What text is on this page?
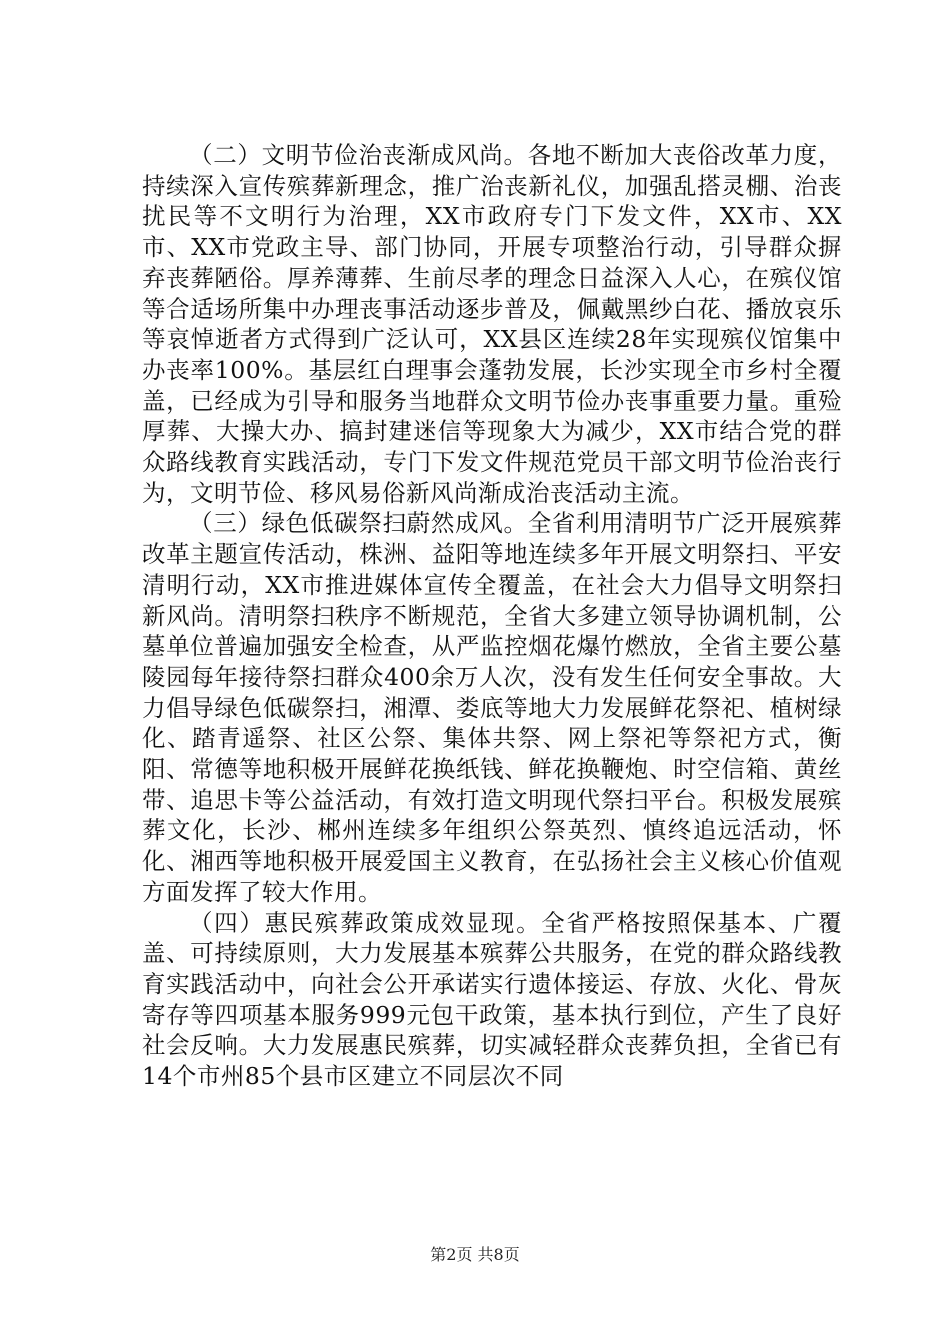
（二）文明节俭治丧渐成风尚。各地不断加大丧俗改革力度，持续深入宣传殡葬新理念，推广治丧新礼仪，加强乱搭灵棚、治丧扰民等不文明行为治理，XX市政府专门下发文件，XX市、XX市、XX市党政主导、部门协同，开展专项整治行动，引导群众摒弃丧葬陋俗。厚养薄葬、生前尽孝的理念日益深入人心，在殡仪馆等合适场所集中办理丧事活动逐步普及，佩戴黑纱白花、播放哀乐等哀悼逝者方式得到广泛认可，XX县区连续28年实现殡仪馆集中办丧率100%。基层红白理事会蓬勃发展，长沙实现全市乡村全覆盖，已经成为引导和服务当地群众文明节俭办丧事重要力量。重殓厚葬、大操大办、搞封建迷信等现象大为减少，XX市结合党的群众路线教育实践活动，专门下发文件规范党员干部文明节俭治丧行为，文明节俭、移风易俗新风尚渐成治丧活动主流。

（三）绿色低碳祭扫蔚然成风。全省利用清明节广泛开展殡葬改革主题宣传活动，株洲、益阳等地连续多年开展文明祭扫、平安清明行动，XX市推进媒体宣传全覆盖，在社会大力倡导文明祭扫新风尚。清明祭扫秩序不断规范，全省大多建立领导协调机制，公墓单位普遍加强安全检查，从严监控烟花爆竹燃放，全省主要公墓陵园每年接待祭扫群众400余万人次，没有发生任何安全事故。大力倡导绿色低碳祭扫，湘潭、娄底等地大力发展鲜花祭祀、植树绿化、踏青遥祭、社区公祭、集体共祭、网上祭祀等祭祀方式，衡阳、常德等地积极开展鲜花换纸钱、鲜花换鞭炮、时空信箱、黄丝带、追思卡等公益活动，有效打造文明现代祭扫平台。积极发展殡葬文化，长沙、郴州连续多年组织公祭英烈、慎终追远活动，怀化、湘西等地积极开展爱国主义教育，在弘扬社会主义核心价值观方面发挥了较大作用。

（四）惠民殡葬政策成效显现。全省严格按照保基本、广覆盖、可持续原则，大力发展基本殡葬公共服务，在党的群众路线教育实践活动中，向社会公开承诺实行遗体接运、存放、火化、骨灰寄存等四项基本服务999元包干政策，基本执行到位，产生了良好社会反响。大力发展惠民殡葬，切实减轻群众丧葬负担，全省已有14个市州85个县市区建立不同层次不同

第2页 共8页
